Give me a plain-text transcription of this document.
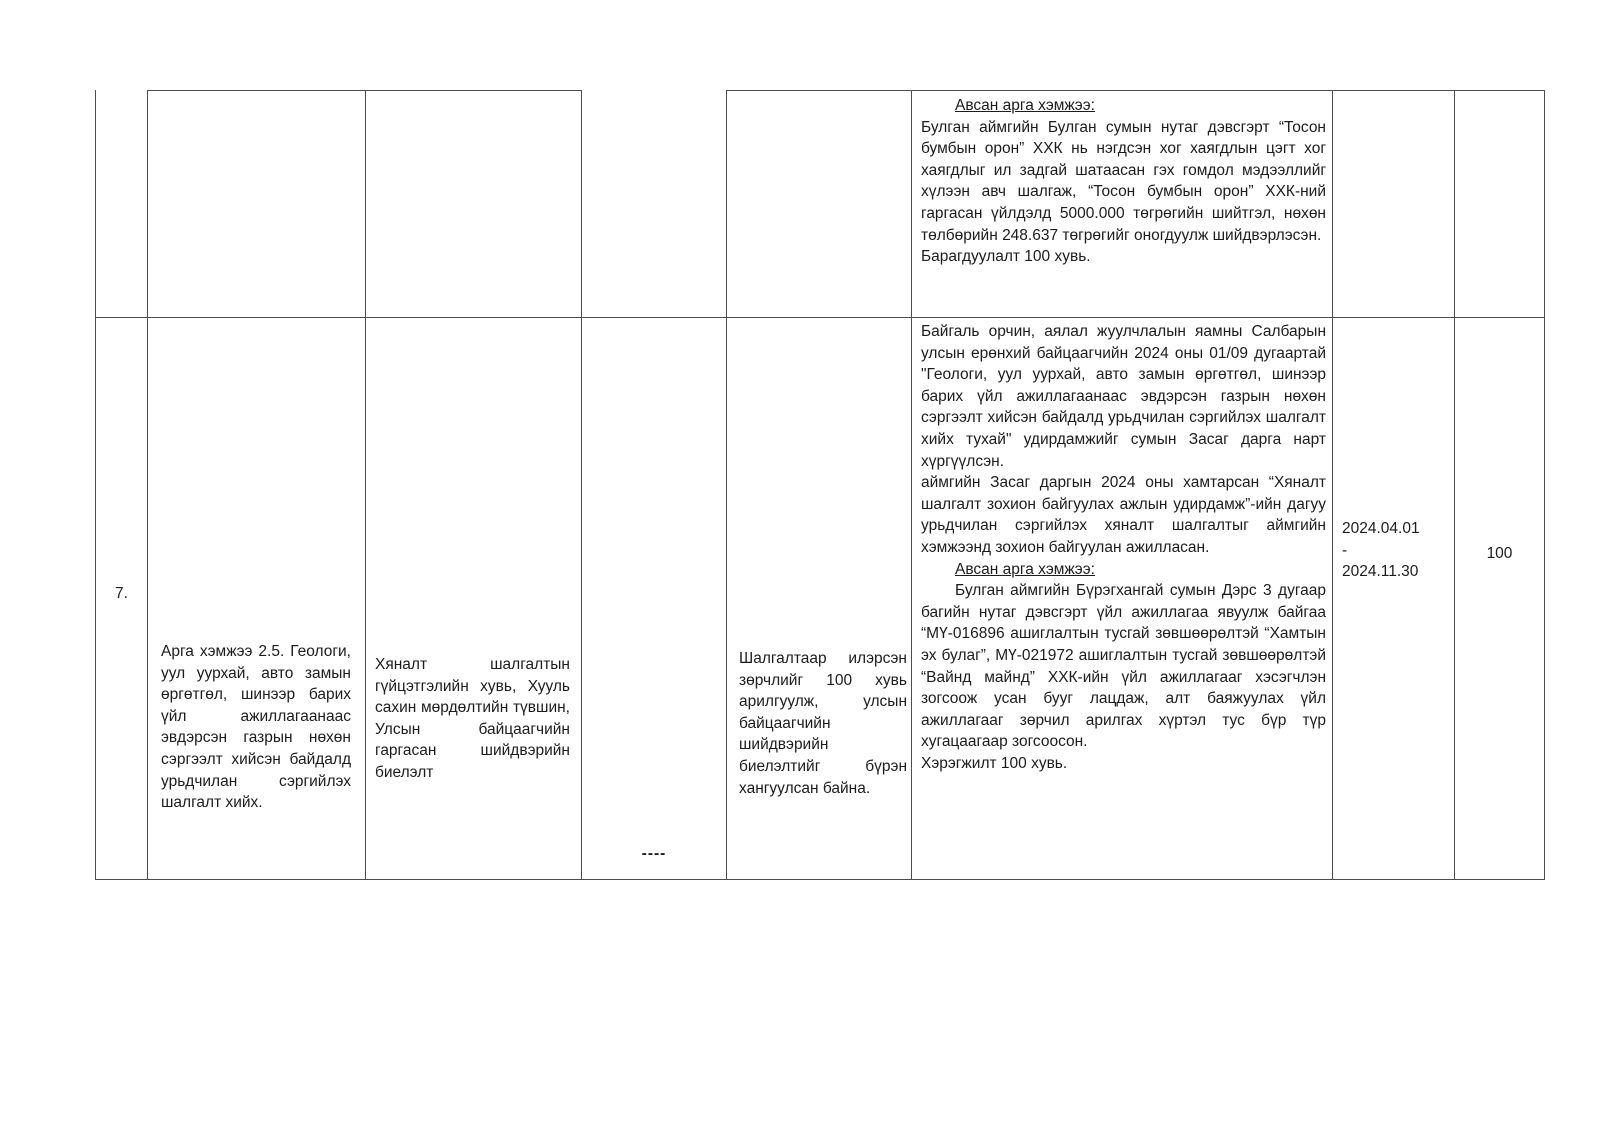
Авсан арга хэмжээ:

Булган аймгийн Булган сумын нутаг дэвсгэрт “Тосон бумбын орон” ХХК нь нэгдсэн хог хаягдлын цэгт хог хаягдлыг ил задгай шатаасан гэх гомдол мэдээллийг хүлээн авч шалгаж, “Тосон бумбын орон” ХХК-ний гаргасан үйлдэлд 5000.000 төгрөгийн шийтгэл, нөхөн төлбөрийн 248.637 төгрөгийг оногдуулж шийдвэрлэсэн.

Барагдуулалт 100 хувь.

7.

Арга хэмжээ 2.5. Геологи, уул уурхай, авто замын өргөтгөл, шинээр барих үйл ажиллагаанаас эвдэрсэн газрын нөхөн сэргээлт хийсэн байдалд урьдчилан сэргийлэх шалгалт хийх.

Хяналт шалгалтын гүйцэтгэлийн хувь, Хууль сахин мөрдөлтийн түвшин, Улсын байцаагчийн гаргасан шийдвэрийн биелэлт

----

Шалгалтаар илэрсэн зөрчлийг 100 хувь арилгуулж, улсын байцаагчийн шийдвэрийн биелэлтийг бүрэн хангуулсан байна.

Байгаль орчин, аялал жуулчлалын яамны Салбарын улсын ерөнхий байцаагчийн 2024 оны 01/09 дугаартай "Геологи, уул уурхай, авто замын өргөтгөл, шинээр барих үйл ажиллагаанаас эвдэрсэн газрын нөхөн сэргээлт хийсэн байдалд урьдчилан сэргийлэх шалгалт хийх тухай" удирдамжийг сумын Засаг дарга нарт хүргүүлсэн.

аймгийн Засаг даргын 2024 оны хамтарсан “Хяналт шалгалт зохион байгуулах ажлын удирдамж”-ийн дагуу урьдчилан сэргийлэх хяналт шалгалтыг аймгийн хэмжээнд зохион байгуулан ажилласан.

Авсан арга хэмжээ:

Булган аймгийн Бүрэгхангай сумын Дэрс 3 дугаар багийн нутаг дэвсгэрт үйл ажиллагаа явуулж байгаа “МҮ-016896 ашиглалтын тусгай зөвшөөрөлтэй “Хамтын эх булаг”, МҮ-021972 ашиглалтын тусгай зөвшөөрөлтэй “Вайнд майнд” ХХК-ийн үйл ажиллагааг хэсэгчлэн зогсоож усан бууг лацдаж, алт баяжуулах үйл ажиллагааг зөрчил арилгах хүртэл тус бүр түр хугацаагаар зогсоосон.

Хэрэгжилт 100 хувь.

2024.04.01

-

2024.11.30

100
